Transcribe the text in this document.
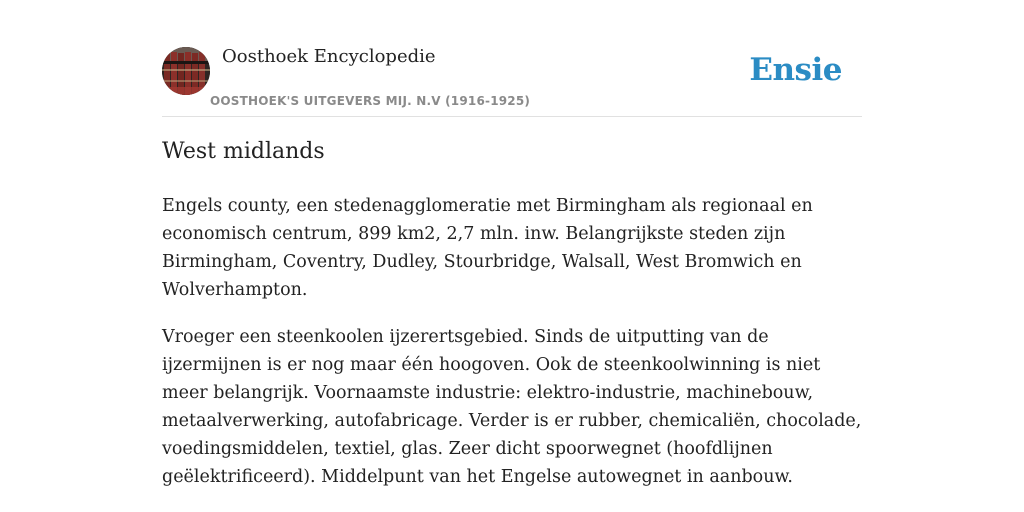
Oosthoek Encyclopedie
OOSTHOEK'S UITGEVERS MIJ. N.V (1916-1925)
Ensie
West midlands

Engels county, een stedenagglomeratie met Birmingham als regionaal en economisch centrum, 899 km2, 2,7 mln. inw. Belangrijkste steden zijn Birmingham, Coventry, Dudley, Stourbridge, Walsall, West Bromwich en Wolverhampton.

Vroeger een steenkoolen ijzerertsgebied. Sinds de uitputting van de ijzermijnen is er nog maar één hoogoven. Ook de steenkoolwinning is niet meer belangrijk. Voornaamste industrie: elektro-industrie, machinebouw, metaalverwerking, autofabricage. Verder is er rubber, chemicaliën, chocolade, voedingsmiddelen, textiel, glas. Zeer dicht spoorwegnet (hoofdlijnen geëlektrificeerd). Middelpunt van het Engelse autowegnet in aanbouw.
